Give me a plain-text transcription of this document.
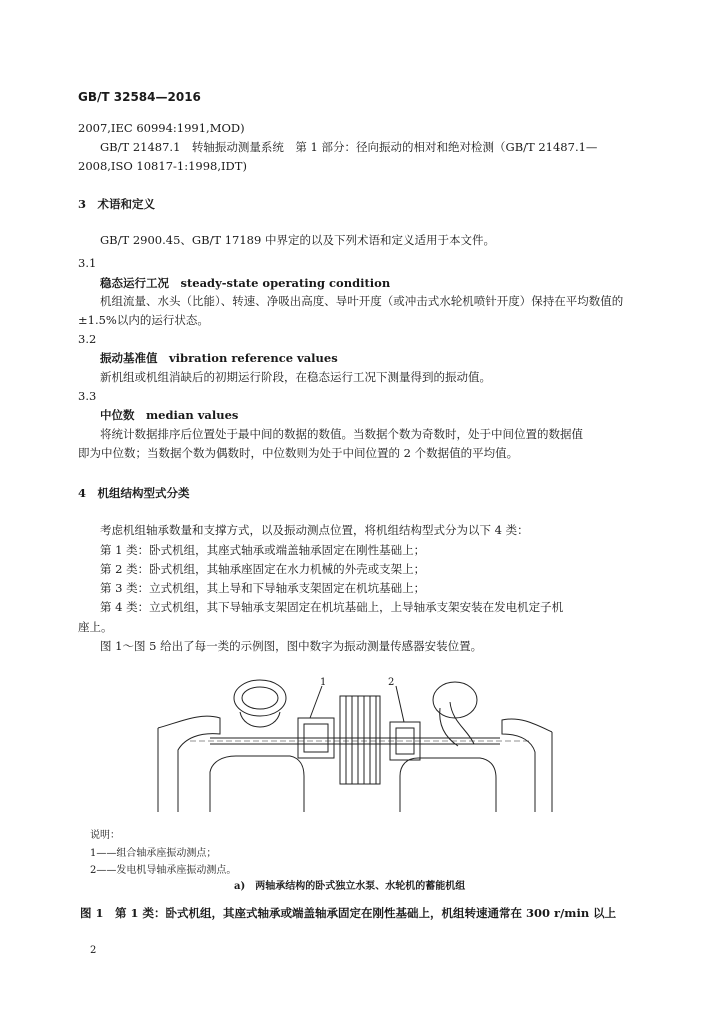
GB/T 32584—2016
2007,IEC 60994:1991,MOD)
GB/T 21487.1　转轴振动测量系统　第 1 部分：径向振动的相对和绝对检测（GB/T 21487.1—
2008,ISO 10817-1:1998,IDT)
3　术语和定义
GB/T 2900.45、GB/T 17189 中界定的以及下列术语和定义适用于本文件。
3.1
稳态运行工况　steady-state operating condition
机组流量、水头（比能）、转速、净吸出高度、导叶开度（或冲击式水轮机喷针开度）保持在平均数值的
±1.5%以内的运行状态。
3.2
振动基准值　vibration reference values
新机组或机组消缺后的初期运行阶段，在稳态运行工况下测量得到的振动值。
3.3
中位数　median values
将统计数据排序后位置处于最中间的数据的数值。当数据个数为奇数时，处于中间位置的数据值
即为中位数；当数据个数为偶数时，中位数则为处于中间位置的 2 个数据值的平均值。
4　机组结构型式分类
考虑机组轴承数量和支撑方式，以及振动测点位置，将机组结构型式分为以下 4 类：
第 1 类：卧式机组，其座式轴承或端盖轴承固定在刚性基础上；
第 2 类：卧式机组，其轴承座固定在水力机械的外壳或支架上；
第 3 类：立式机组，其上导和下导轴承支架固定在机坑基础上；
第 4 类：立式机组，其下导轴承支架固定在机坑基础上，上导轴承支架安装在发电机定子机
座上。
图 1～图 5 给出了每一类的示例图，图中数字为振动测量传感器安装位置。
1	2
说明：
1——组合轴承座振动测点；
2——发电机导轴承座振动测点。
a)　两轴承结构的卧式独立水泵、水轮机的蓄能机组
图 1　第 1 类：卧式机组，其座式轴承或端盖轴承固定在刚性基础上，机组转速通常在 300 r/min 以上
2
